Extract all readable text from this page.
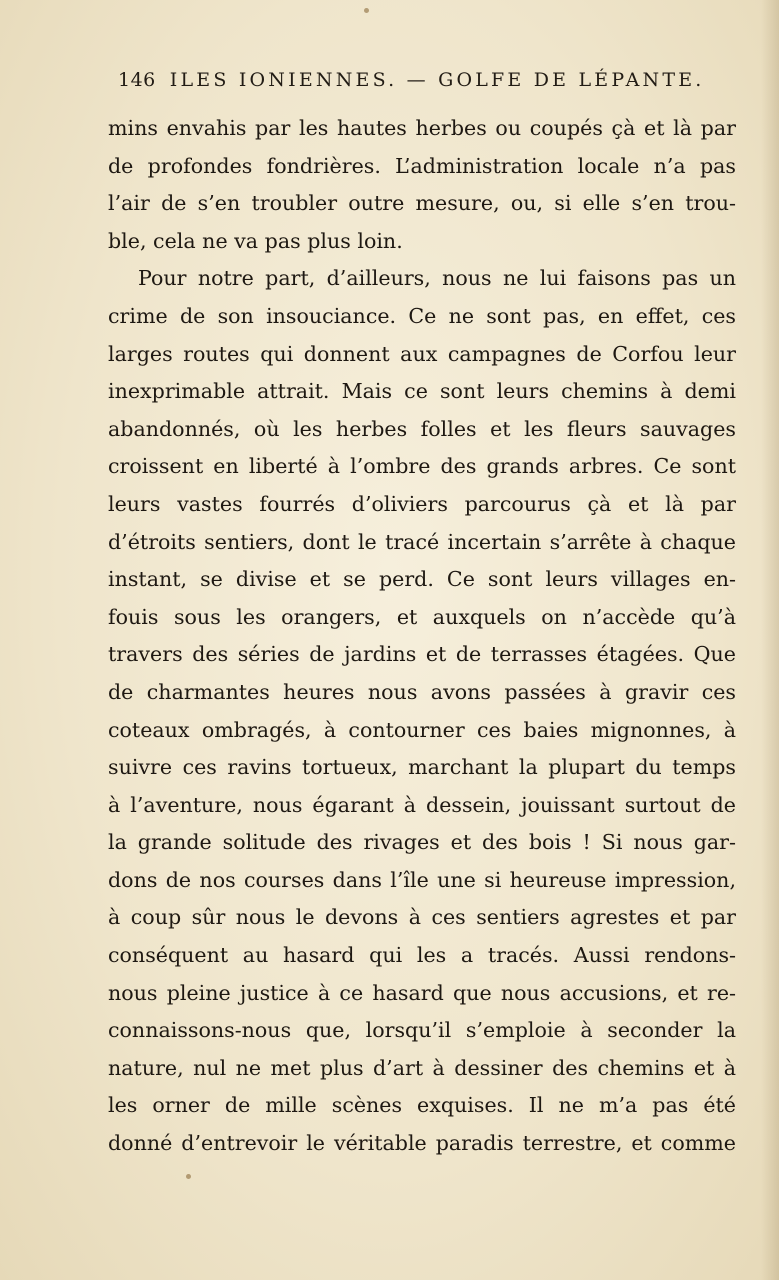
146 ILES IONIENNES. — GOLFE DE LÉPANTE.
mins envahis par les hautes herbes ou coupés çà et là par
de profondes fondrières. L’administration locale n’a pas
l’air de s’en troubler outre mesure, ou, si elle s’en trou-
ble, cela ne va pas plus loin.
Pour notre part, d’ailleurs, nous ne lui faisons pas un
crime de son insouciance. Ce ne sont pas, en effet, ces
larges routes qui donnent aux campagnes de Corfou leur
inexprimable attrait. Mais ce sont leurs chemins à demi
abandonnés, où les herbes folles et les fleurs sauvages
croissent en liberté à l’ombre des grands arbres. Ce sont
leurs vastes fourrés d’oliviers parcourus çà et là par
d’étroits sentiers, dont le tracé incertain s’arrête à chaque
instant, se divise et se perd. Ce sont leurs villages en-
fouis sous les orangers, et auxquels on n’accède qu’à
travers des séries de jardins et de terrasses étagées. Que
de charmantes heures nous avons passées à gravir ces
coteaux ombragés, à contourner ces baies mignonnes, à
suivre ces ravins tortueux, marchant la plupart du temps
à l’aventure, nous égarant à dessein, jouissant surtout de
la grande solitude des rivages et des bois ! Si nous gar-
dons de nos courses dans l’île une si heureuse impression,
à coup sûr nous le devons à ces sentiers agrestes et par
conséquent au hasard qui les a tracés. Aussi rendons-
nous pleine justice à ce hasard que nous accusions, et re-
connaissons-nous que, lorsqu’il s’emploie à seconder la
nature, nul ne met plus d’art à dessiner des chemins et à
les orner de mille scènes exquises. Il ne m’a pas été
donné d’entrevoir le véritable paradis terrestre, et comme
